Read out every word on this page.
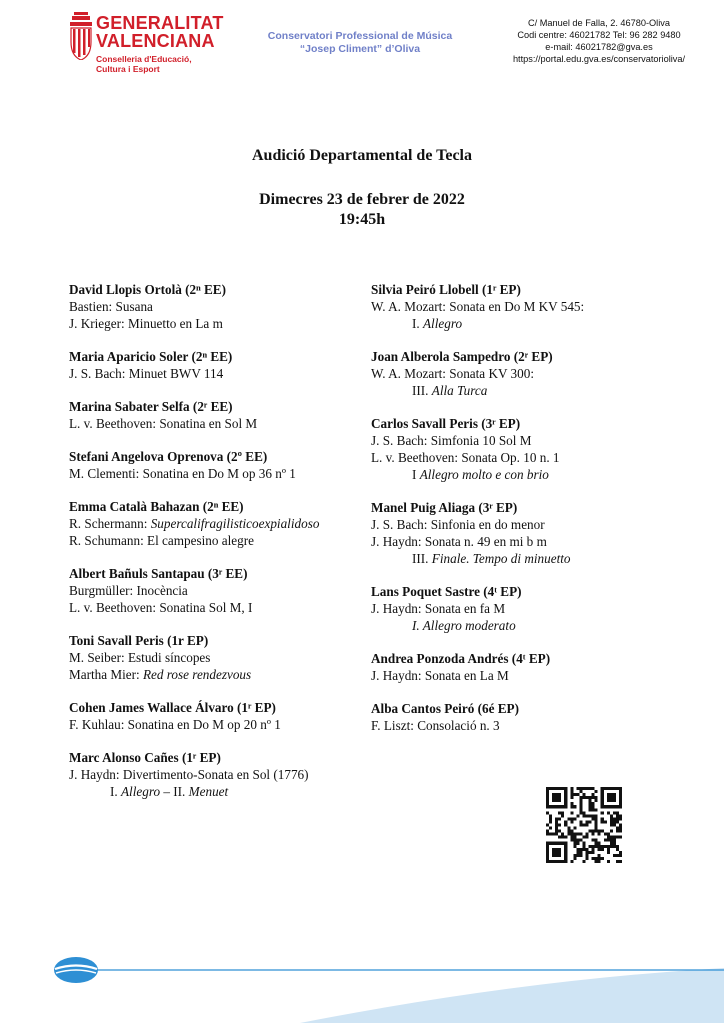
GENERALITAT
VALENCIANA
Conselleria d'Educació,
Cultura i Esport
Conservatori Professional de Música
“Josep Climent” d’Oliva
C/ Manuel de Falla, 2. 46780-Oliva
Codi centre: 46021782 Tel: 96 282 9480
e-mail: 46021782@gva.es
https://portal.edu.gva.es/conservatorioliva/
Audició Departamental de Tecla
Dimecres 23 de febrer de 2022
19:45h
David Llopis Ortolà (2ⁿ EE)
Bastien: Susana
J. Krieger: Minuetto en La m
Maria Aparicio Soler (2ⁿ EE)
J. S. Bach: Minuet BWV 114
Marina Sabater Selfa (2ʳ EE)
L. v. Beethoven: Sonatina en Sol M
Stefani Angelova Oprenova (2º EE)
M. Clementi: Sonatina en Do M op 36 nº 1
Emma Català Bahazan (2ⁿ EE)
R. Schermann: Supercalifragilisticoexpialidoso
R. Schumann: El campesino alegre
Albert Bañuls Santapau (3ʳ EE)
Burgmüller: Inocència
L. v. Beethoven: Sonatina Sol M, I
Toni Savall Peris (1r EP)
M. Seiber: Estudi síncopes
Martha Mier: Red rose rendezvous
Cohen James Wallace Álvaro (1ʳ EP)
F. Kuhlau: Sonatina en Do M op 20 nº 1
Marc Alonso Cañes (1ʳ EP)
J. Haydn: Divertimento-Sonata en Sol (1776)
I. Allegro – II. Menuet
Silvia Peiró Llobell (1ʳ EP)
W. A. Mozart: Sonata en Do M KV 545:
I. Allegro
Joan Alberola Sampedro (2ʳ EP)
W. A. Mozart: Sonata KV 300:
III. Alla Turca
Carlos Savall Peris (3ʳ EP)
J. S. Bach: Simfonia 10 Sol M
L. v. Beethoven: Sonata Op. 10 n. 1
I Allegro molto e con brio
Manel Puig Aliaga (3ʳ EP)
J. S. Bach: Sinfonia en do menor
J. Haydn: Sonata n. 49 en mi b m
III. Finale. Tempo di minuetto
Lans Poquet Sastre (4ᵗ EP)
J. Haydn: Sonata en fa M
I. Allegro moderato
Andrea Ponzoda Andrés (4ᵗ EP)
J. Haydn: Sonata en La M
Alba Cantos Peiró (6é EP)
F. Liszt: Consolació n. 3
